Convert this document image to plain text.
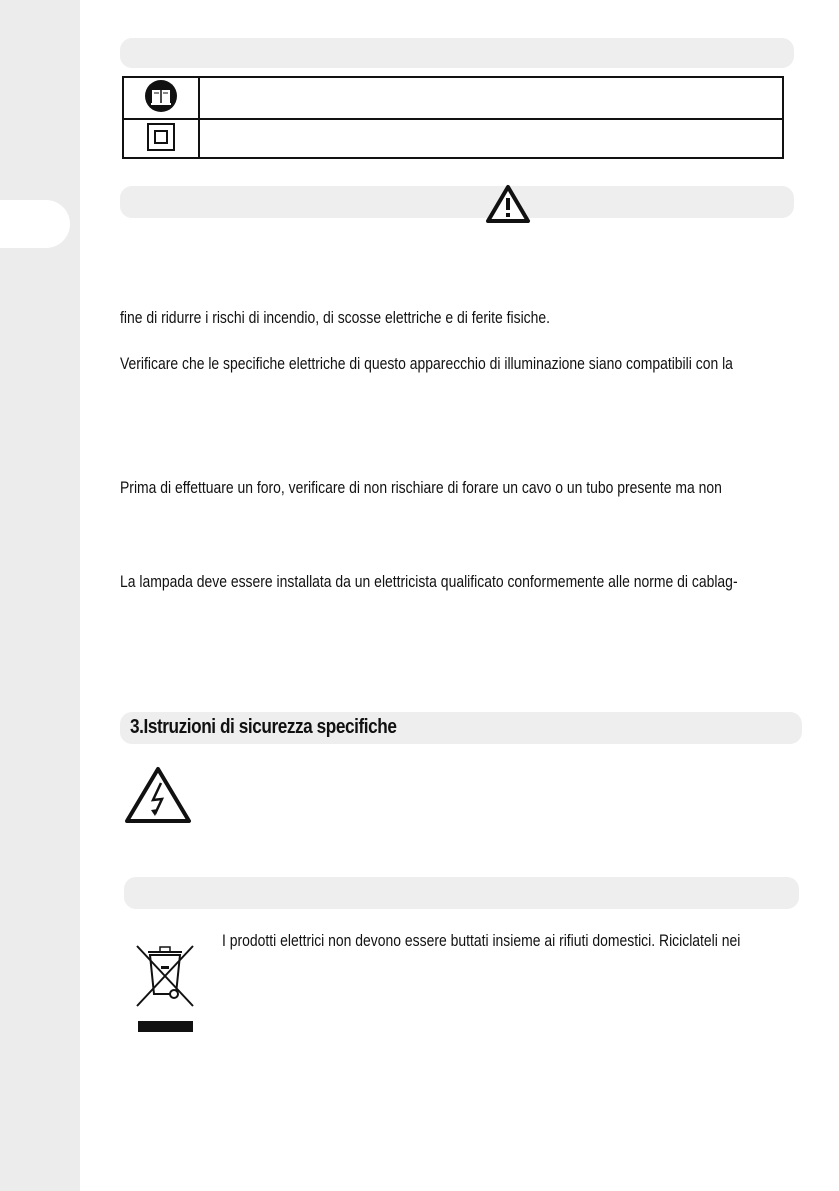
fine di ridurre i rischi di incendio, di scosse elettriche e di ferite fisiche.
Verificare che le specifiche elettriche di questo apparecchio di illuminazione siano compatibili con la
Prima di effettuare un foro, verificare di non rischiare di forare un cavo o un tubo presente ma non
La lampada deve essere installata da un elettricista qualificato conformemente alle norme di cablag-
3.Istruzioni di sicurezza specifiche
I prodotti elettrici non devono essere buttati insieme ai rifiuti domestici. Riciclateli nei
